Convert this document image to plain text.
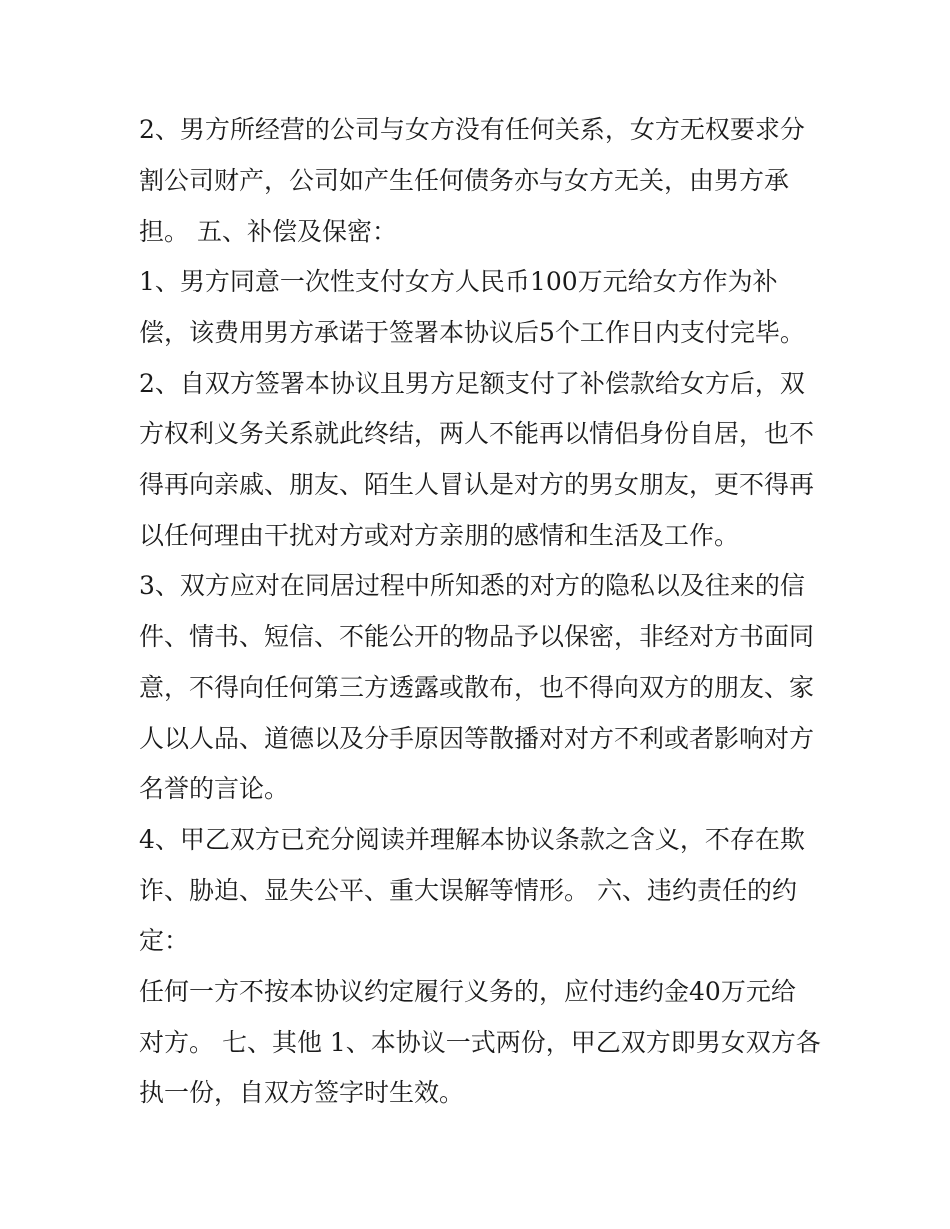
2、男方所经营的公司与女方没有任何关系，女方无权要求分

割公司财产，公司如产生任何债务亦与女方无关，由男方承

担。 五、补偿及保密：

1、男方同意一次性支付女方人民币100万元给女方作为补

偿，该费用男方承诺于签署本协议后5个工作日内支付完毕。

2、自双方签署本协议且男方足额支付了补偿款给女方后，双

方权利义务关系就此终结，两人不能再以情侣身份自居，也不

得再向亲戚、朋友、陌生人冒认是对方的男女朋友，更不得再

以任何理由干扰对方或对方亲朋的感情和生活及工作。

3、双方应对在同居过程中所知悉的对方的隐私以及往来的信

件、情书、短信、不能公开的物品予以保密，非经对方书面同

意，不得向任何第三方透露或散布，也不得向双方的朋友、家

人以人品、道德以及分手原因等散播对对方不利或者影响对方

名誉的言论。

4、甲乙双方已充分阅读并理解本协议条款之含义，不存在欺

诈、胁迫、显失公平、重大误解等情形。 六、违约责任的约

定：

任何一方不按本协议约定履行义务的，应付违约金40万元给

对方。 七、其他 1、本协议一式两份，甲乙双方即男女双方各

执一份，自双方签字时生效。
